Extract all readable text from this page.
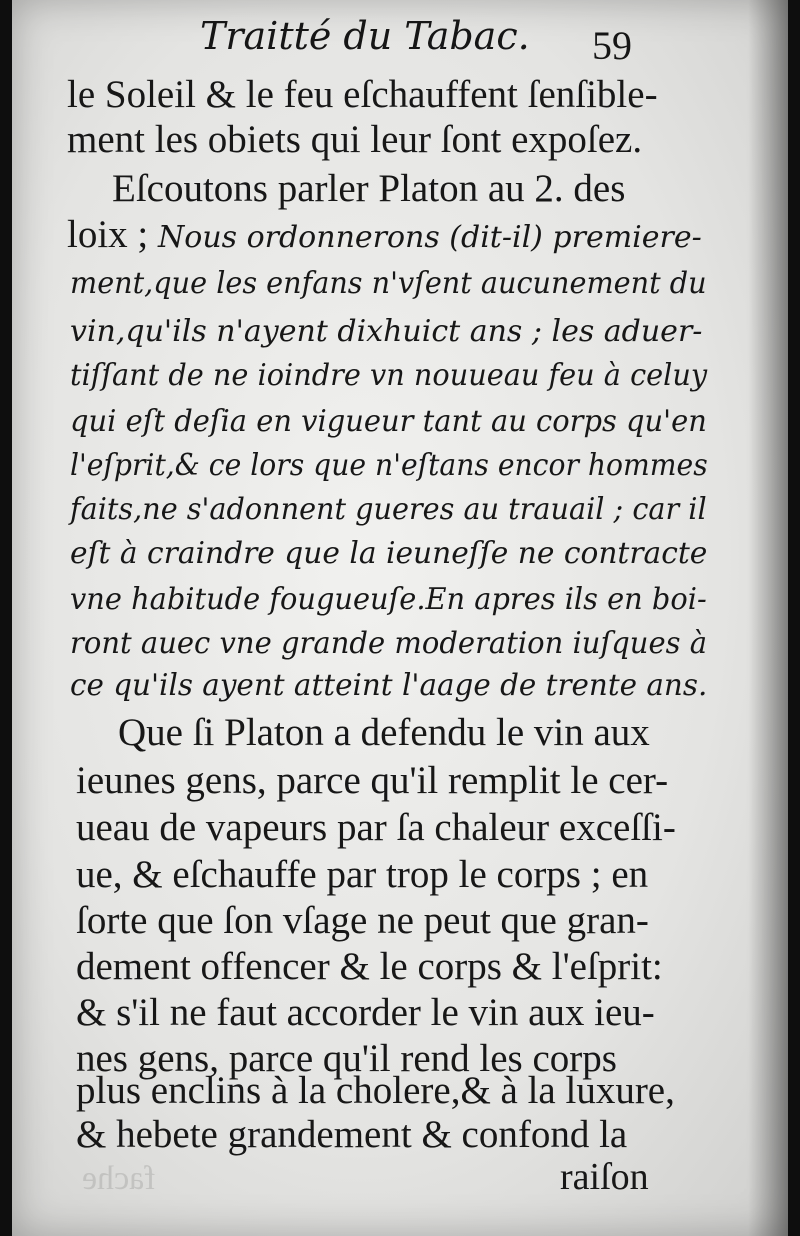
Traitté du Tabac. 59
le Soleil & le feu eſchauffent ſenſible-
ment les obiets qui leur ſont expoſez.
Eſcoutons parler Platon au 2. des
loix ; Nous ordonnerons (dit-il) premiere-
ment,que les enfans n'vſent aucunement du
vin,qu'ils n'ayent dixhuict ans ; les aduer-
tiſſant de ne ioindre vn nouueau feu à celuy
qui eſt deſia en vigueur tant au corps qu'en
l'eſprit,& ce lors que n'eſtans encor hommes
faits,ne s'adonnent gueres au trauail ; car il
eſt à craindre que la ieuneſſe ne contracte
vne habitude fougueuſe.En apres ils en boi-
ront auec vne grande moderation iuſques à
ce qu'ils ayent atteint l'aage de trente ans.
Que ſi Platon a defendu le vin aux
ieunes gens, parce qu'il remplit le cer-
ueau de vapeurs par ſa chaleur exceſſi-
ue, & eſchauffe par trop le corps ; en
ſorte que ſon vſage ne peut que gran-
dement offencer & le corps & l'eſprit:
& s'il ne faut accorder le vin aux ieu-
nes gens, parce qu'il rend les corps
plus enclins à la cholere,& à la luxure,
& hebete grandement & confond la
fache	raiſon
